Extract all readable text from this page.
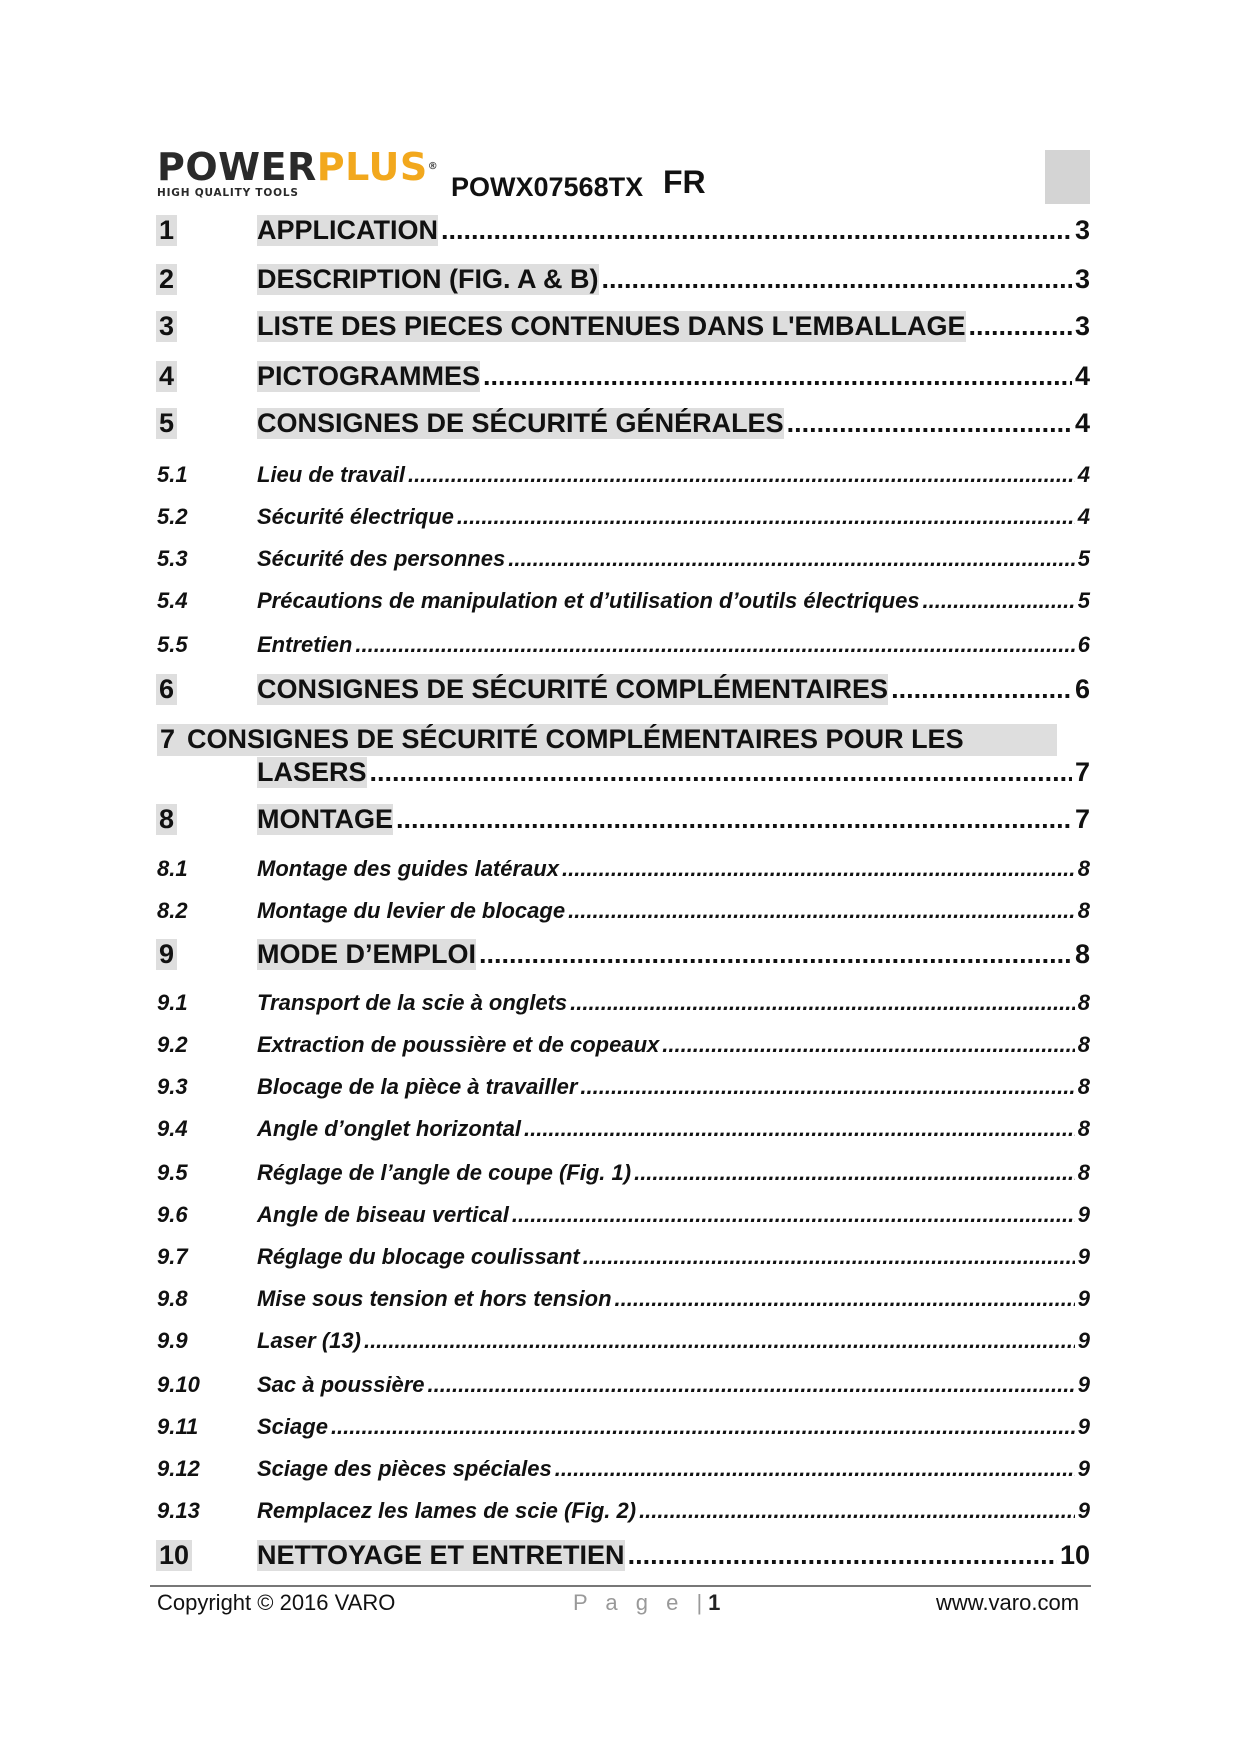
POWERPLUS®
HIGH QUALITY TOOLS	POWX07568TX FR
1	APPLICATION .....	3
2	DESCRIPTION (FIG. A & B) .....	3
3	LISTE DES PIECES CONTENUES DANS L'EMBALLAGE .....	3
4	PICTOGRAMMES .....	4
5	CONSIGNES DE SÉCURITÉ GÉNÉRALES .....	4
5.1	Lieu de travail .....	4
5.2	Sécurité électrique .....	4
5.3	Sécurité des personnes .....	5
5.4	Précautions de manipulation et d’utilisation d’outils électriques .....	5
5.5	Entretien .....	6
6	CONSIGNES DE SÉCURITÉ COMPLÉMENTAIRES .....	6
7 CONSIGNES DE SÉCURITÉ COMPLÉMENTAIRES POUR LES
LASERS .....	7
8	MONTAGE .....	7
8.1	Montage des guides latéraux .....	8
8.2	Montage du levier de blocage .....	8
9	MODE D’EMPLOI .....	8
9.1	Transport de la scie à onglets .....	8
9.2	Extraction de poussière et de copeaux .....	8
9.3	Blocage de la pièce à travailler .....	8
9.4	Angle d’onglet horizontal .....	8
9.5	Réglage de l’angle de coupe (Fig. 1) .....	8
9.6	Angle de biseau vertical .....	9
9.7	Réglage du blocage coulissant .....	9
9.8	Mise sous tension et hors tension .....	9
9.9	Laser (13) .....	9
9.10	Sac à poussière .....	9
9.11	Sciage .....	9
9.12	Sciage des pièces spéciales .....	9
9.13	Remplacez les lames de scie (Fig. 2) .....	9
10	NETTOYAGE ET ENTRETIEN .....	10
Copyright © 2016 VARO	P a g e |1	www.varo.com
